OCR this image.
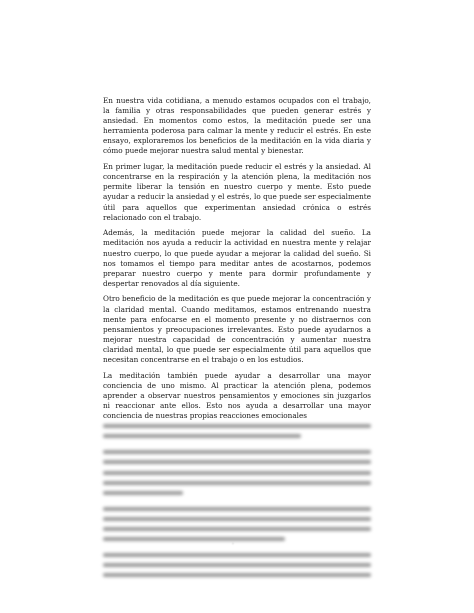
En nuestra vida cotidiana, a menudo estamos ocupados con el trabajo, la familia y otras responsabilidades que pueden generar estrés y ansiedad. En momentos como estos, la meditación puede ser una herramienta poderosa para calmar la mente y reducir el estrés. En este ensayo, exploraremos los beneficios de la meditación en la vida diaria y cómo puede mejorar nuestra salud mental y bienestar.

En primer lugar, la meditación puede reducir el estrés y la ansiedad. Al concentrarse en la respiración y la atención plena, la meditación nos permite liberar la tensión en nuestro cuerpo y mente. Esto puede ayudar a reducir la ansiedad y el estrés, lo que puede ser especialmente útil para aquellos que experimentan ansiedad crónica o estrés relacionado con el trabajo.

Además, la meditación puede mejorar la calidad del sueño. La meditación nos ayuda a reducir la actividad en nuestra mente y relajar nuestro cuerpo, lo que puede ayudar a mejorar la calidad del sueño. Si nos tomamos el tiempo para meditar antes de acostarnos, podemos preparar nuestro cuerpo y mente para dormir profundamente y despertar renovados al día siguiente.

Otro beneficio de la meditación es que puede mejorar la concentración y la claridad mental. Cuando meditamos, estamos entrenando nuestra mente para enfocarse en el momento presente y no distraernos con pensamientos y preocupaciones irrelevantes. Esto puede ayudarnos a mejorar nuestra capacidad de concentración y aumentar nuestra claridad mental, lo que puede ser especialmente útil para aquellos que necesitan concentrarse en el trabajo o en los estudios.

La meditación también puede ayudar a desarrollar una mayor conciencia de uno mismo. Al practicar la atención plena, podemos aprender a observar nuestros pensamientos y emociones sin juzgarlos ni reaccionar ante ellos. Esto nos ayuda a desarrollar una mayor conciencia de nuestras propias reacciones emocionales

·
